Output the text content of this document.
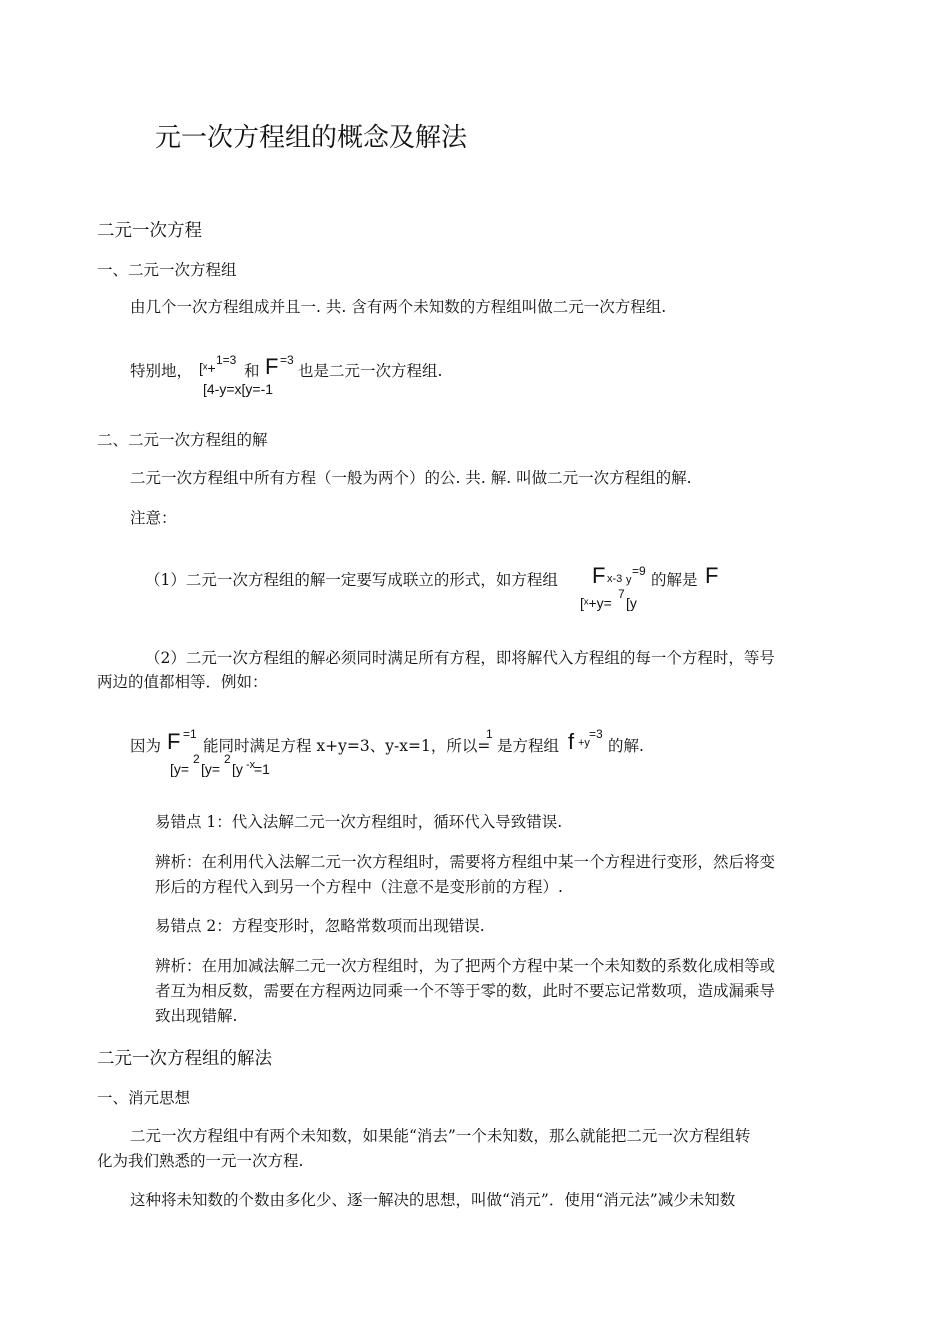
元一次方程组的概念及解法
二元一次方程
一、二元一次方程组
由几个一次方程组成并且一. 共. 含有两个未知数的方程组叫做二元一次方程组.
特别地， [ˣ+ 1=3
和 F =3
也是二元一次方程组.
[4-y=x[y=-1
二、二元一次方程组的解
二元一次方程组中所有方程（一般为两个）的公. 共. 解. 叫做二元一次方程组的解.
注意：
（1）二元一次方程组的解一定要写成联立的形式，如方程组 F x-3 y
=9 的解是 F
[ˣ+y=
7
[y
（2）二元一次方程组的解必须同时满足所有方程，即将解代入方程组的每一个方程时，等号
两边的值都相等．例如：
因为 F =1
能同时满足方程 x+y=3、y-x=1，所以=
1
是方程组 f +y
=3
的解.
[y=
2
[y=
2
[y -x
=1
易错点 1：代入法解二元一次方程组时，循环代入导致错误.
辨析：在利用代入法解二元一次方程组时，需要将方程组中某一个方程进行变形，然后将变
形后的方程代入到另一个方程中（注意不是变形前的方程）.
易错点 2：方程变形时，忽略常数项而出现错误.
辨析：在用加减法解二元一次方程组时，为了把两个方程中某一个未知数的系数化成相等或
者互为相反数，需要在方程两边同乘一个不等于零的数，此时不要忘记常数项，造成漏乘导
致出现错解.
二元一次方程组的解法
一、消元思想
二元一次方程组中有两个未知数，如果能“消去”一个未知数，那么就能把二元一次方程组转
化为我们熟悉的一元一次方程.
这种将未知数的个数由多化少、逐一解决的思想，叫做“消元”．使用“消元法”减少未知数
